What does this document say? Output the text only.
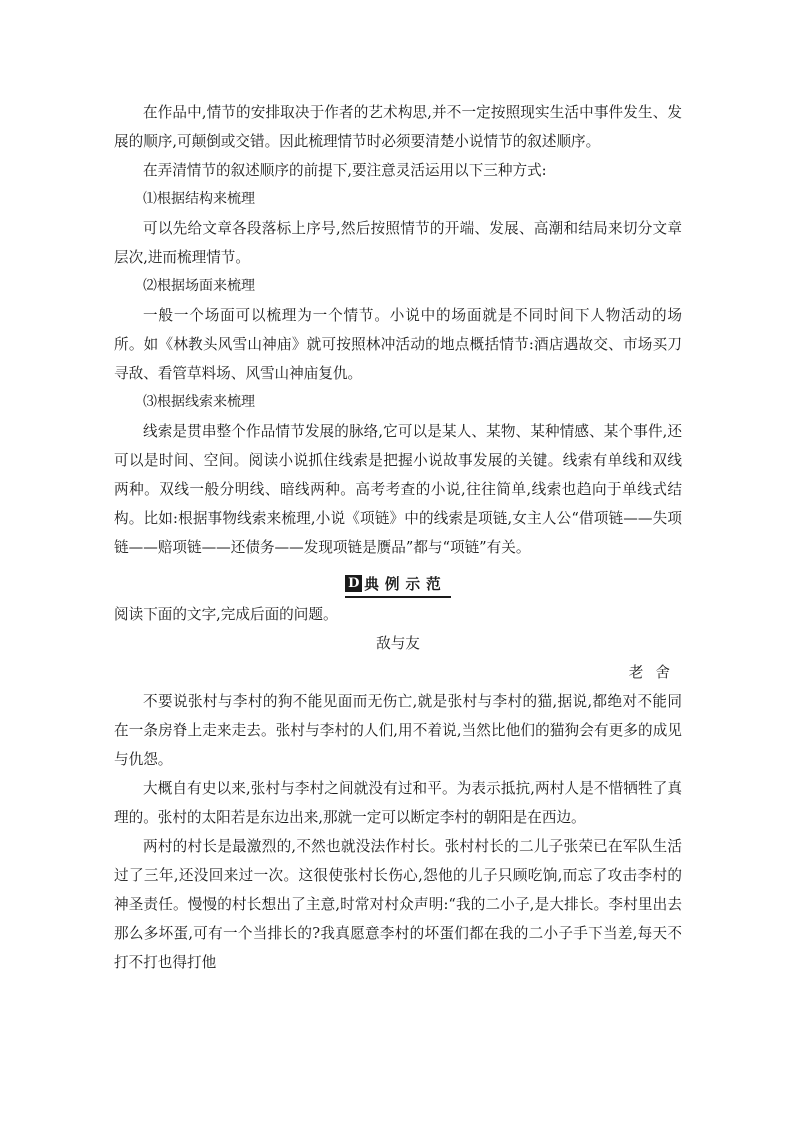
在作品中,情节的安排取决于作者的艺术构思,并不一定按照现实生活中事件发生、发展的顺序,可颠倒或交错。因此梳理情节时必须要清楚小说情节的叙述顺序。

在弄清情节的叙述顺序的前提下,要注意灵活运用以下三种方式:

⑴根据结构来梳理

可以先给文章各段落标上序号,然后按照情节的开端、发展、高潮和结局来切分文章层次,进而梳理情节。

⑵根据场面来梳理

一般一个场面可以梳理为一个情节。小说中的场面就是不同时间下人物活动的场所。如《林教头风雪山神庙》就可按照林冲活动的地点概括情节:酒店遇故交、市场买刀寻敌、看管草料场、风雪山神庙复仇。

⑶根据线索来梳理

线索是贯串整个作品情节发展的脉络,它可以是某人、某物、某种情感、某个事件,还可以是时间、空间。阅读小说抓住线索是把握小说故事发展的关键。线索有单线和双线两种。双线一般分明线、暗线两种。高考考查的小说,往往简单,线索也趋向于单线式结构。比如:根据事物线索来梳理,小说《项链》中的线索是项链,女主人公“借项链——失项链——赔项链——还债务——发现项链是赝品”都与“项链”有关。

D 典例示范

阅读下面的文字,完成后面的问题。

敌与友

老舍

不要说张村与李村的狗不能见面而无伤亡,就是张村与李村的猫,据说,都绝对不能同在一条房脊上走来走去。张村与李村的人们,用不着说,当然比他们的猫狗会有更多的成见与仇怨。

大概自有史以来,张村与李村之间就没有过和平。为表示抵抗,两村人是不惜牺牲了真理的。张村的太阳若是东边出来,那就一定可以断定李村的朝阳是在西边。

两村的村长是最激烈的,不然也就没法作村长。张村村长的二儿子张荣已在军队生活过了三年,还没回来过一次。这很使张村长伤心,怨他的儿子只顾吃饷,而忘了攻击李村的神圣责任。慢慢的村长想出了主意,时常对村众声明:“我的二小子,是大排长。李村里出去那么多坏蛋,可有一个当排长的?我真愿意李村的坏蛋们都在我的二小子手下当差,每天不打不打也得打他
